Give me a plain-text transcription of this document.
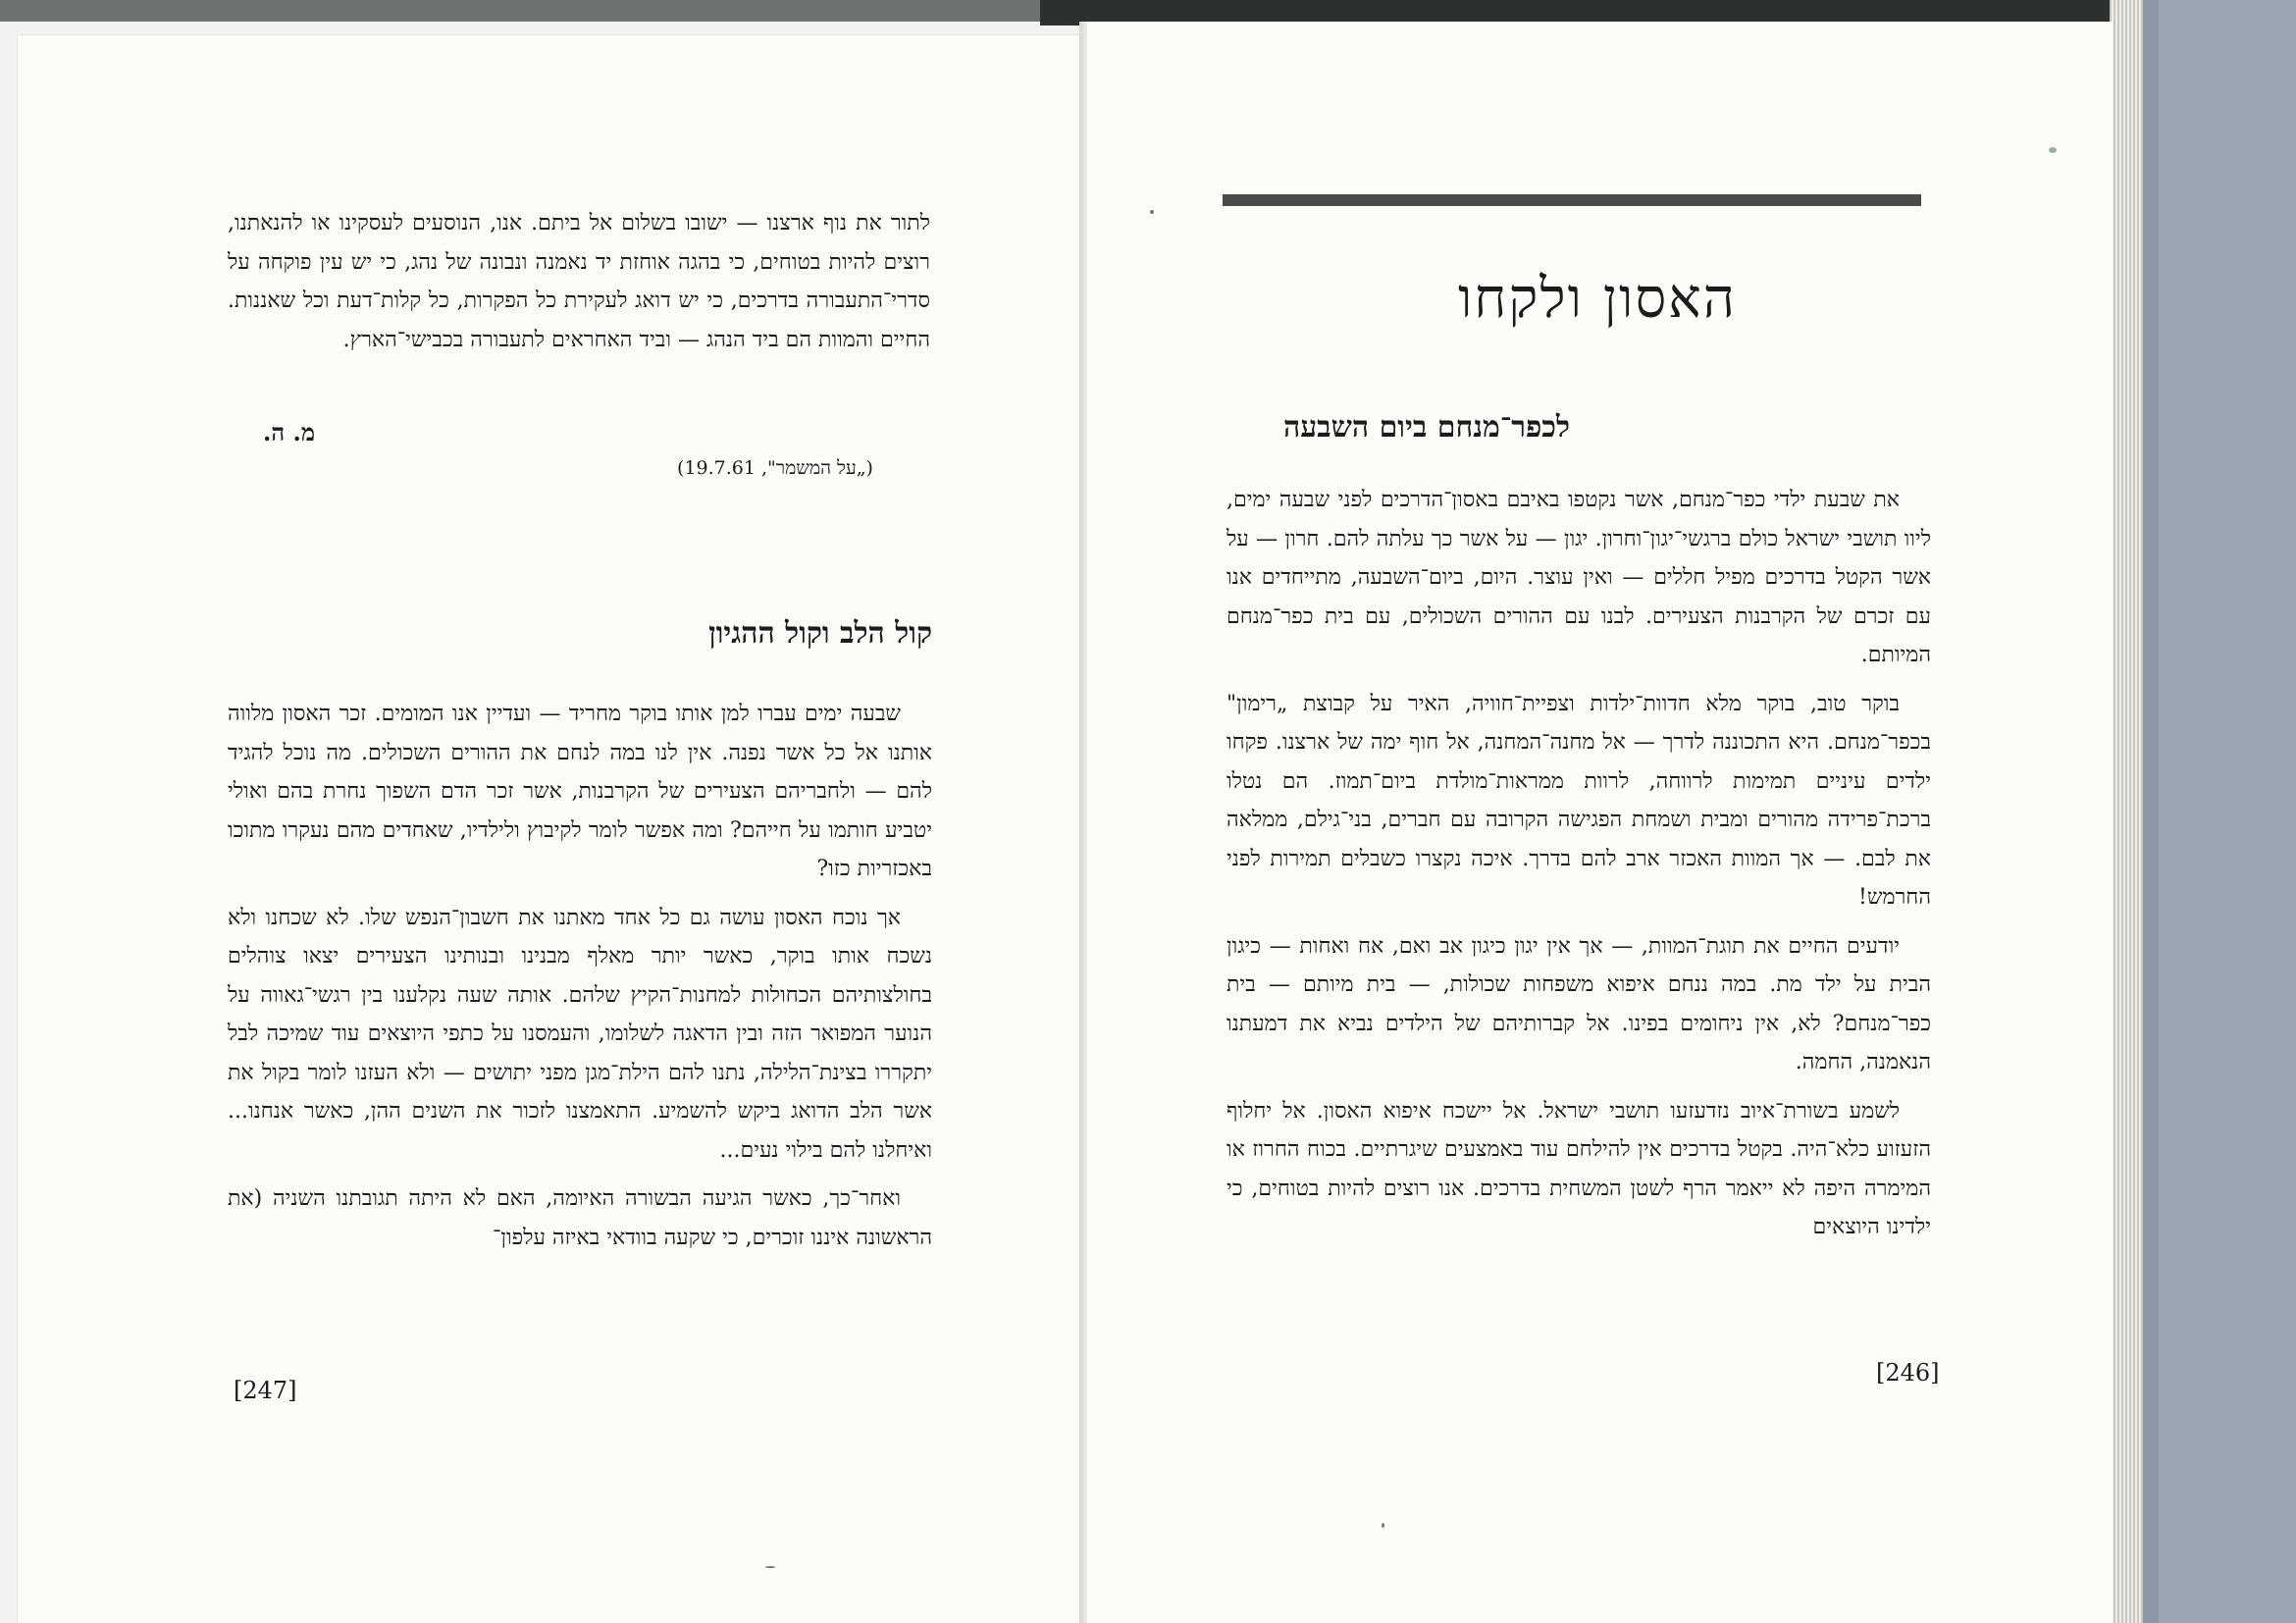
לתור את נוף ארצנו — ישובו בשלום אל ביתם. אנו, הנוסעים לעסקינו או להנאתנו, רוצים להיות בטוחים, כי בהגה אוחזת יד נאמנה ונבונה של נהג, כי יש עין פוקחה על סדרי־התעבורה בדרכים, כי יש דואג לעקירת כל הפקרות, כל קלות־דעת וכל שאננות. החיים והמוות הם ביד הנהג — וביד האחראים לתעבורה בכבישי־הארץ.

מ. ה.
(„על המשמר", 19.7.61)
קול הלב וקול ההגיון

שבעה ימים עברו למן אותו בוקר מחריד — ועדיין אנו המומים. זכר האסון מלווה אותנו אל כל אשר נפנה. אין לנו במה לנחם את ההורים השכולים. מה נוכל להגיד להם — ולחבריהם הצעירים של הקרבנות, אשר זכר הדם השפוך נחרת בהם ואולי יטביע חותמו על חייהם? ומה אפשר לומר לקיבוץ ולילדיו, שאחדים מהם נעקרו מתוכו באכזריות כזו?

אך נוכח האסון עושה גם כל אחד מאתנו את חשבון־הנפש שלו. לא שכחנו ולא נשכח אותו בוקר, כאשר יותר מאלף מבנינו ובנותינו הצעירים יצאו צוהלים בחולצותיהם הכחולות למחנות־הקיץ שלהם. אותה שעה נקלענו בין רגשי־גאווה על הנוער המפואר הזה ובין הדאגה לשלומו, והעמסנו על כתפי היוצאים עוד שמיכה לבל יתקררו בצינת־הלילה, נתנו להם הילת־מגן מפני יתושים — ולא העזנו לומר בקול את אשר הלב הדואג ביקש להשמיע. התאמצנו לזכור את השנים ההן, כאשר אנחנו... ואיחלנו להם בילוי נעים...

ואחר־כך, כאשר הגיעה הבשורה האיומה, האם לא היתה תגובתנו השניה (את הראשונה איננו זוכרים, כי שקעה בוודאי באיזה עלפון־

[247]
האסון ולקחו
לכפר־מנחם ביום השבעה

את שבעת ילדי כפר־מנחם, אשר נקטפו באיבם באסון־הדרכים לפני שבעה ימים, ליוו תושבי ישראל כולם ברגשי־יגון־וחרון. יגון — על אשר כך עלתה להם. חרון — על אשר הקטל בדרכים מפיל חללים — ואין עוצר. היום, ביום־השבעה, מתייחדים אנו עם זכרם של הקרבנות הצעירים. לבנו עם ההורים השכולים, עם בית כפר־מנחם המיותם.

בוקר טוב, בוקר מלא חדוות־ילדות וצפיית־חוויה, האיר על קבוצת „רימון" בכפר־מנחם. היא התכוננה לדרך — אל מחנה־המחנה, אל חוף ימה של ארצנו. פקחו ילדים עיניים תמימות לרווחה, לרוות ממראות־מולדת ביום־תמוז. הם נטלו ברכת־פרידה מהורים ומבית ושמחת הפגישה הקרובה עם חברים, בני־גילם, ממלאה את לבם. — אך המוות האכזר ארב להם בדרך. איכה נקצרו כשבלים תמירות לפני החרמש!

יודעים החיים את תוגת־המוות, — אך אין יגון כיגון אב ואם, אח ואחות — כיגון הבית על ילד מת. במה ננחם איפוא משפחות שכולות, — בית מיותם — בית כפר־מנחם? לא, אין ניחומים בפינו. אל קברותיהם של הילדים נביא את דמעתנו הנאמנה, החמה.

לשמע בשורת־איוב נזדעזעו תושבי ישראל. אל יישכח איפוא האסון. אל יחלוף הזעזוע כלא־היה. בקטל בדרכים אין להילחם עוד באמצעים שיגרתיים. בכוח החרוז או המימרה היפה לא ייאמר הרף לשטן המשחית בדרכים. אנו רוצים להיות בטוחים, כי ילדינו היוצאים

[246]
